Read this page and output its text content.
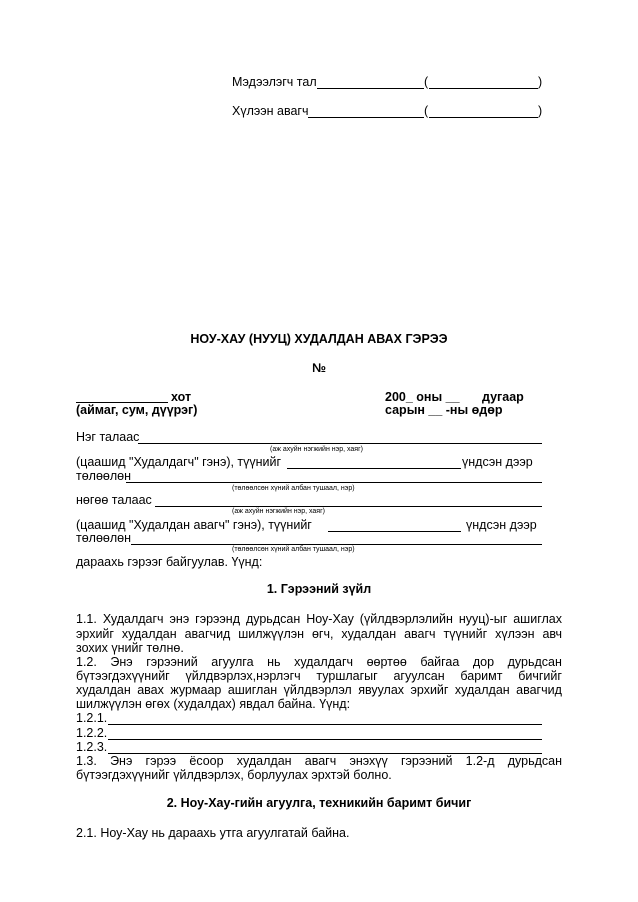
Мэдээлэгч тал	(	)
Хүлээн авагч	(	)
НОУ-ХАУ (НУУЦ) ХУДАЛДАН АВАХ ГЭРЭЭ
№
хот
(аймаг, сум, дүүрэг)
200_ оны __ дугаар
сарын __ -ны өдөр
Нэг талаас
(аж ахуйн нэгжийн нэр, хаяг)
(цаашид "Худалдагч" гэнэ), түүнийг	үндсэн дээр
төлөөлөн
(төлөөлсөн хүний албан тушаал, нэр)
нөгөө талаас
(аж ахуйн нэгжийн нэр, хаяг)
(цаашид "Худалдан авагч" гэнэ), түүнийг	үндсэн дээр
төлөөлөн
(төлөөлсөн хүний албан тушаал, нэр)
дараахь гэрээг байгуулав. Үүнд:
1. Гэрээний зүйл
1.1. Худалдагч энэ гэрээнд дурьдсан Ноу-Хау (үйлдвэрлэлийн нууц)-ыг ашиглах
эрхийг худалдан авагчид шилжүүлэн өгч, худалдан авагч түүнийг хүлээн авч
зохих үнийг төлнө.
1.2. Энэ гэрээний агуулга нь худалдагч өөртөө байгаа дор дурьдсан
бүтээгдэхүүнийг үйлдвэрлэх,нэрлэгч туршлагыг агуулсан баримт бичгийг
худалдан авах журмаар ашиглан үйлдвэрлэл явуулах эрхийг худалдан авагчид
шилжүүлэн өгөх (худалдах) явдал байна. Үүнд:
1.2.1.
1.2.2.
1.2.3.
1.3. Энэ гэрээ ёсоор худалдан авагч энэхүү гэрээний 1.2-д дурьдсан
бүтээгдэхүүнийг үйлдвэрлэх, борлуулах эрхтэй болно.
2. Ноу-Хау-гийн агуулга, техникийн баримт бичиг
2.1. Ноу-Хау нь дараахь утга агуулгатай байна.
